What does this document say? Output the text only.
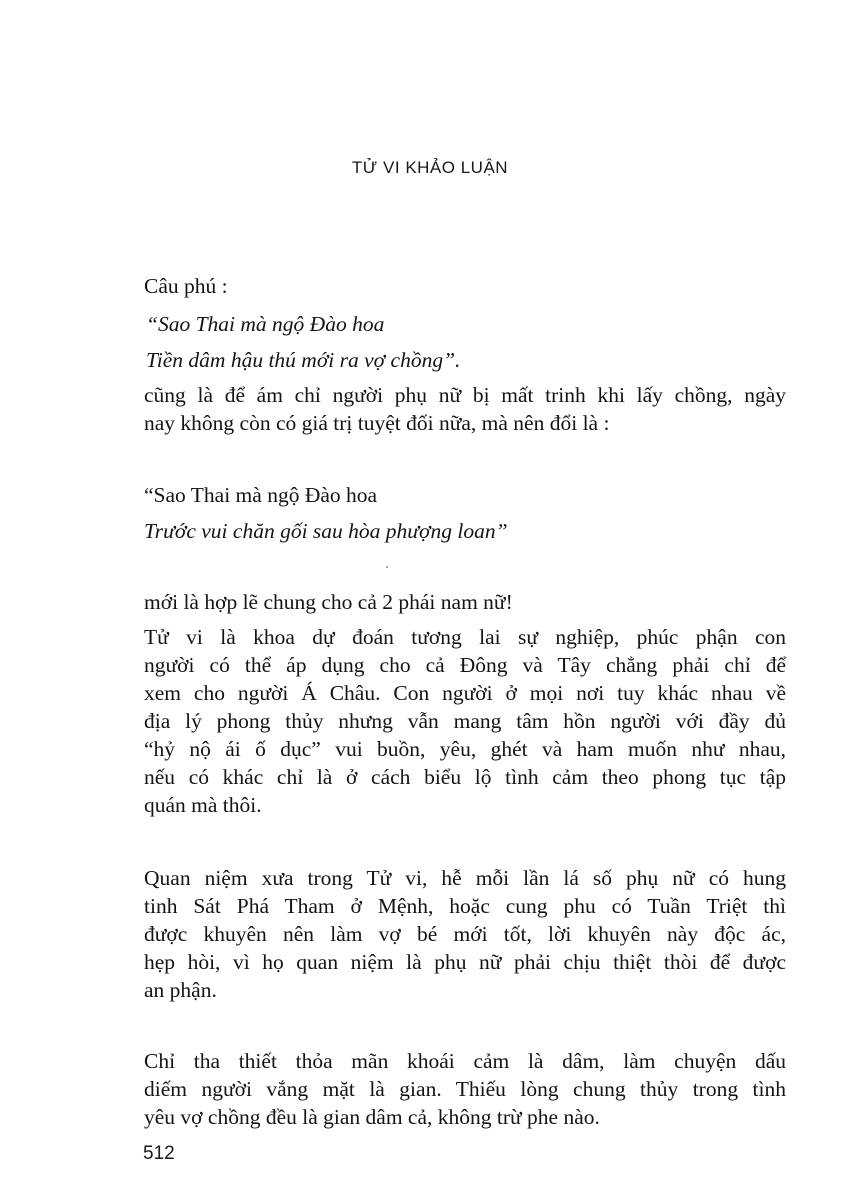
TỬ VI KHẢO LUẬN
Câu phú :
“Sao Thai mà ngộ Đào hoa
Tiền dâm hậu thú mới ra vợ chồng”.
cũng là để ám chỉ người phụ nữ bị mất trinh khi lấy chồng, ngày
nay không còn có giá trị tuyệt đối nữa, mà nên đổi là :
“Sao Thai mà ngộ Đào hoa
Trước vui chăn gối sau hòa phượng loan”
mới là hợp lẽ chung cho cả 2 phái nam nữ!
Tử vi là khoa dự đoán tương lai sự nghiệp, phúc phận con
người có thể áp dụng cho cả Đông và Tây chẳng phải chỉ để
xem cho người Á Châu. Con người ở mọi nơi tuy khác nhau về
địa lý phong thủy nhưng vẫn mang tâm hồn người với đầy đủ
“hỷ nộ ái ố dục” vui buồn, yêu, ghét và ham muốn như nhau,
nếu có khác chỉ là ở cách biểu lộ tình cảm theo phong tục tập
quán mà thôi.
Quan niệm xưa trong Tử vi, hễ mỗi lần lá số phụ nữ có hung
tinh Sát Phá Tham ở Mệnh, hoặc cung phu có Tuần Triệt thì
được khuyên nên làm vợ bé mới tốt, lời khuyên này độc ác,
hẹp hòi, vì họ quan niệm là phụ nữ phải chịu thiệt thòi để được
an phận.
Chỉ tha thiết thỏa mãn khoái cảm là dâm, làm chuyện dấu
diếm người vắng mặt là gian. Thiếu lòng chung thủy trong tình
yêu vợ chồng đều là gian dâm cả, không trừ phe nào.
512
